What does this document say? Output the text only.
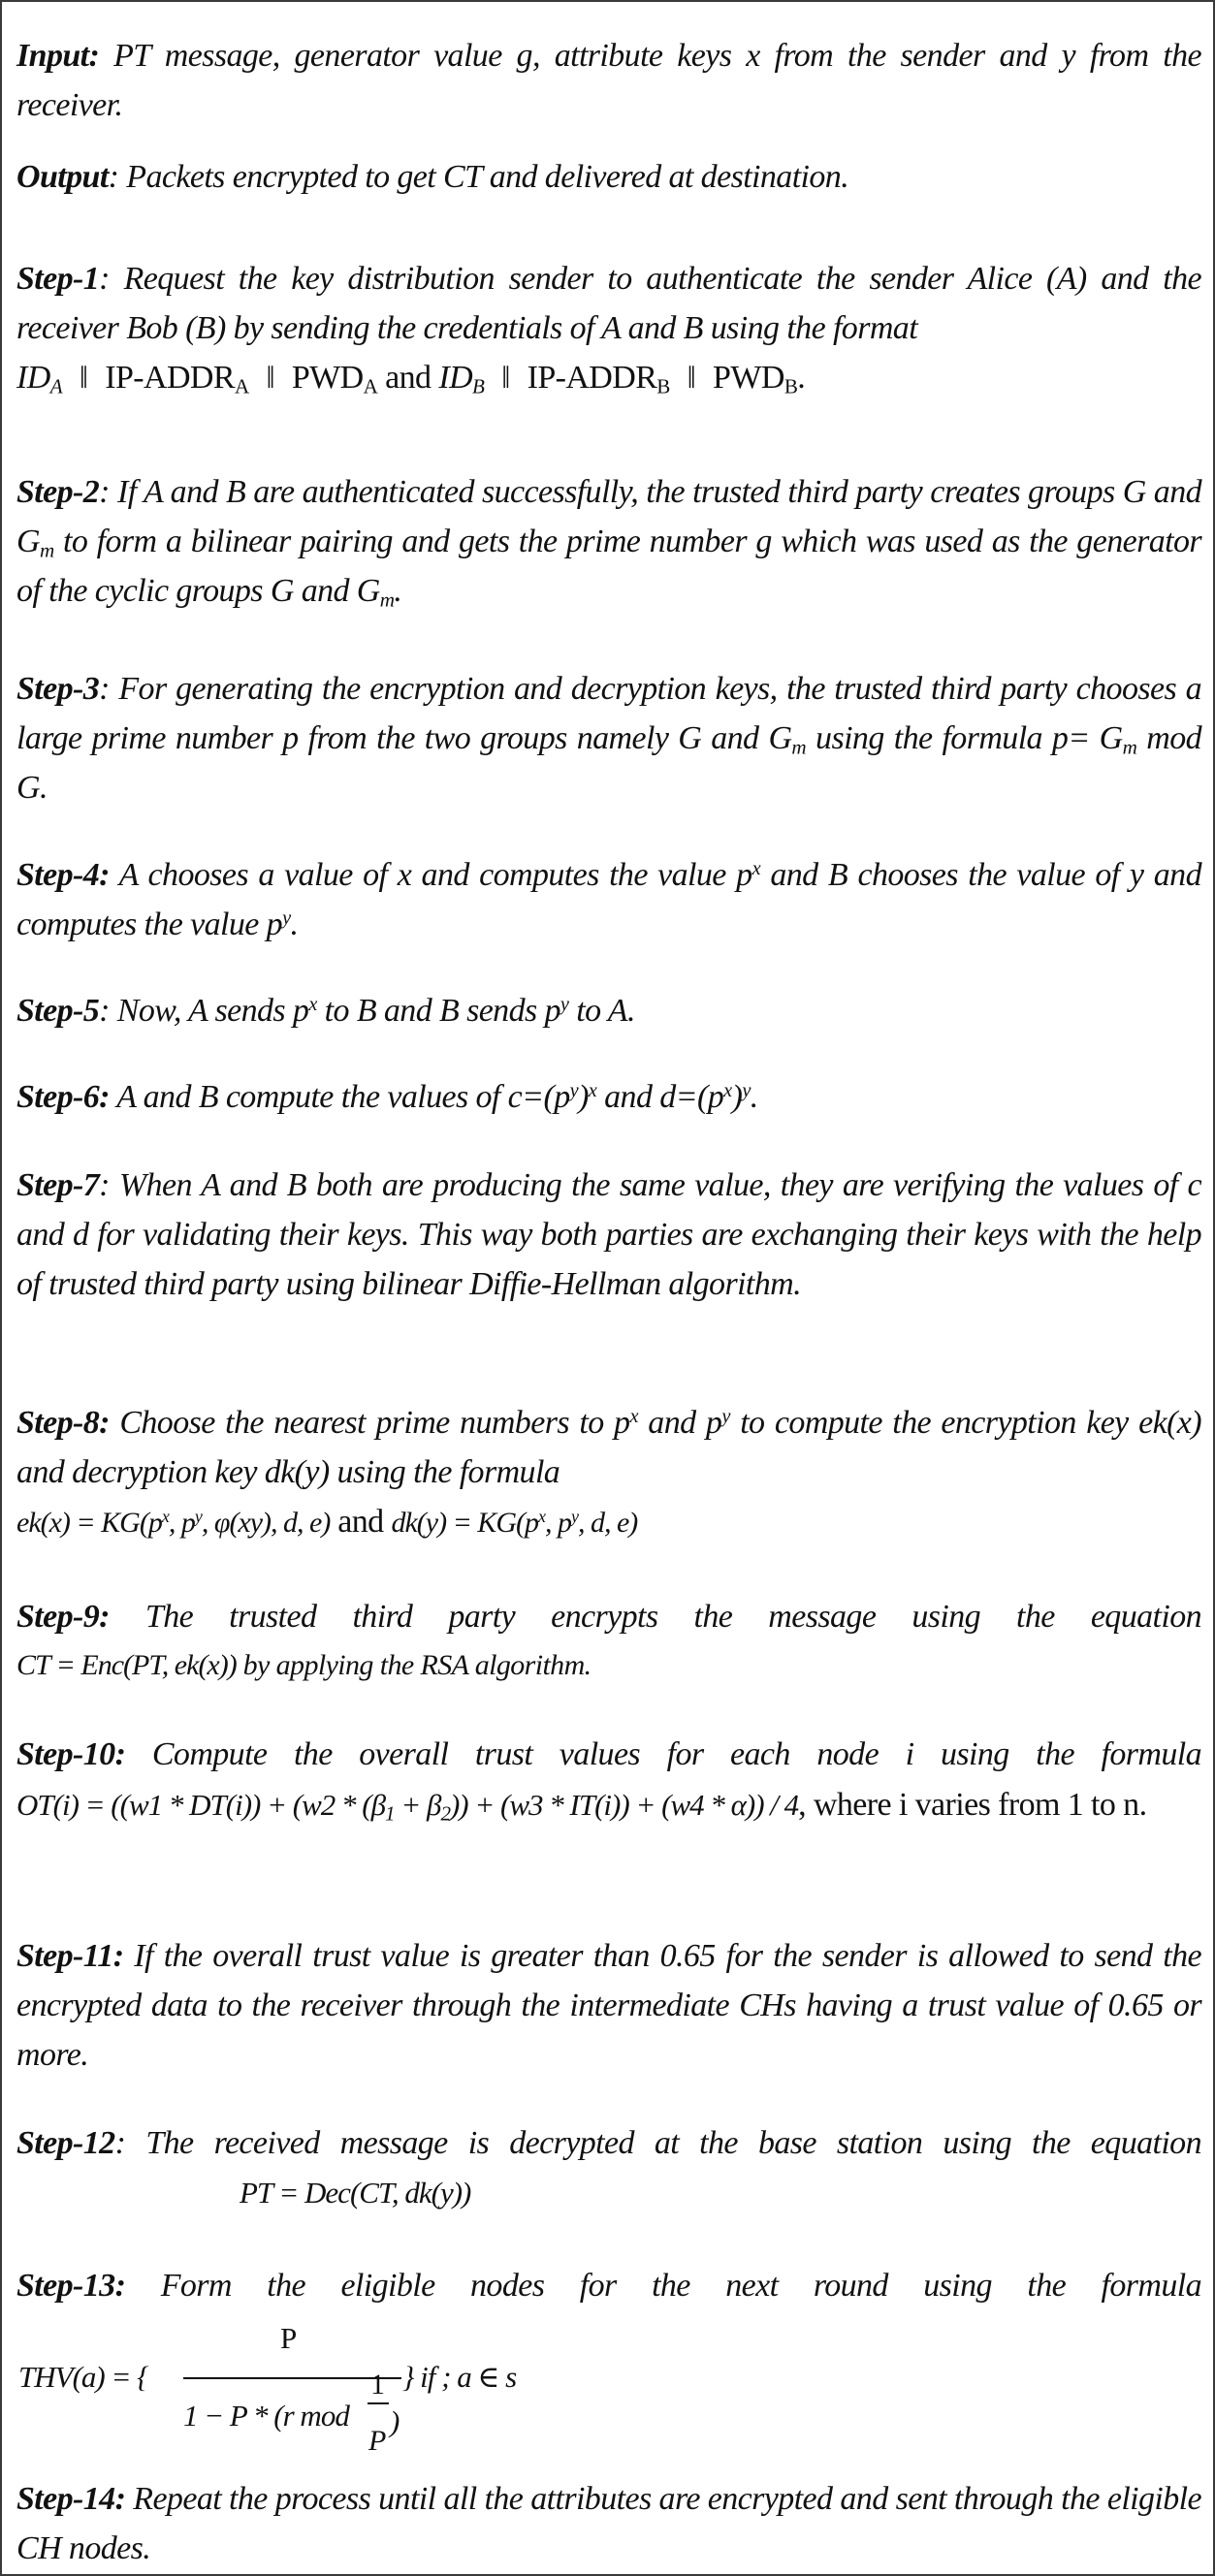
Input: PT message, generator value g, attribute keys x from the sender and y from the receiver.
Output: Packets encrypted to get CT and delivered at destination.
Step-1: Request the key distribution sender to authenticate the sender Alice (A) and the receiver Bob (B) by sending the credentials of A and B using the format
$ID_A$ ‖ $IP-ADDR_A$ ‖ $PWD_A$ and $ID_B$ ‖ $IP-ADDR_B$ ‖ $PWD_B$.
Step-2: If A and B are authenticated successfully, the trusted third party creates groups G and $G_m$ to form a bilinear pairing and gets the prime number g which was used as the generator of the cyclic groups G and $G_m$.
Step-3: For generating the encryption and decryption keys, the trusted third party chooses a large prime number p from the two groups namely G and $G_m$ using the formula $p= G_m$ mod G.
Step-4: A chooses a value of x and computes the value $p^x$ and B chooses the value of y and computes the value $p^y$.
Step-5: Now, A sends $p^x$ to B and B sends $p^y$ to A.
Step-6: A and B compute the values of $c=(p^y)^x$ and $d=(p^x)^y$.
Step-7: When A and B both are producing the same value, they are verifying the values of c and d for validating their keys. This way both parties are exchanging their keys with the help of trusted third party using bilinear Diffie-Hellman algorithm.
Step-8: Choose the nearest prime numbers to $p^x$ and $p^y$ to compute the encryption key ek(x) and decryption key dk(y) using the formula
$ek(x) = KG(p^x$, $p^y$, φ(xy), d, e) and $dk(y) = KG(p^x$, $p^y$, d, e)
Step-9: The trusted third party encrypts the message using the equation
CT = Enc(PT, ek(x)) by applying the RSA algorithm.
Step-10: Compute the overall trust values for each node i using the formula
$OT(i) = ((w1 * DT(i)) + (w2 * (\beta_1 + \beta_2)) + (w3 * IT(i)) + (w4 * \alpha)) / 4$, where i varies from 1 to n.
Step-11: If the overall trust value is greater than 0.65 for the sender is allowed to send the encrypted data to the receiver through the intermediate CHs having a trust value of 0.65 or more.
Step-12: The received message is decrypted at the base station using the equation
PT = Dec(CT, dk(y))
Step-13: Form the eligible nodes for the next round using the formula
THV(a) = {
P
1 − P * (r mod
1
P
)
} if ; a ∈ s
Step-14: Repeat the process until all the attributes are encrypted and sent through the eligible CH nodes.
